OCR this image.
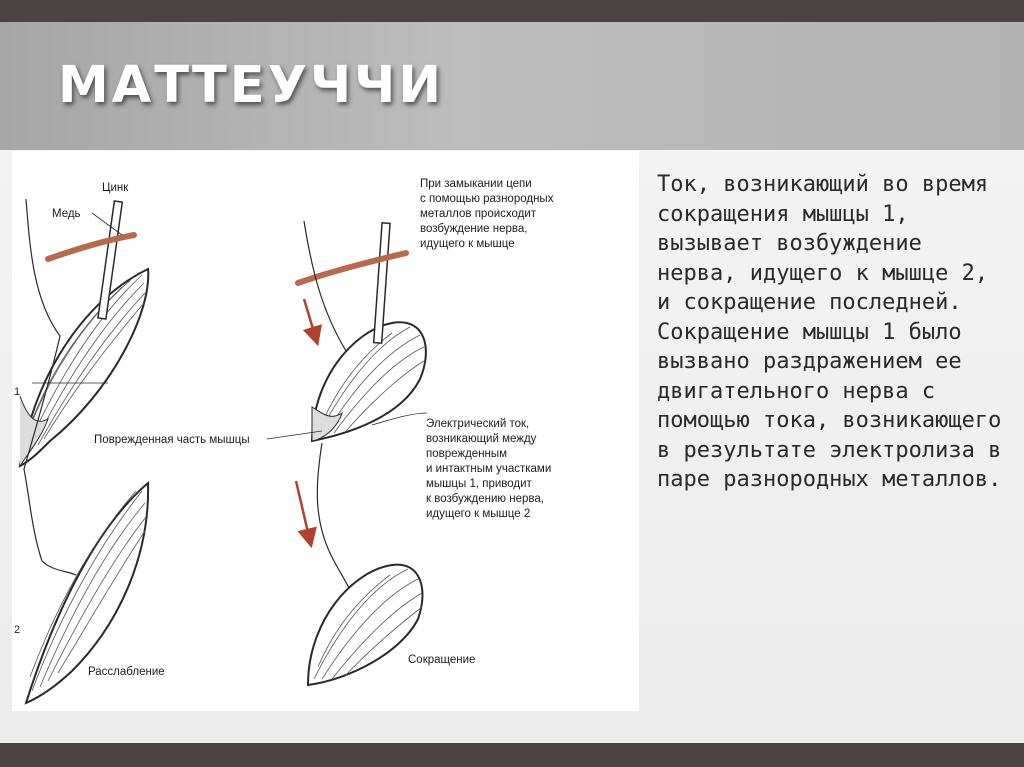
МАТТЕУЧЧИ
Цинк
Медь
Поврежденная часть мышцы
Расслабление
Сокращение
1
2
При замыкании цепи
с помощью разнородных
металлов происходит
возбуждение нерва,
идущего к мышце
Электрический ток,
возникающий между
поврежденным
и интактным участками
мышцы 1, приводит
к возбуждению нерва,
идущего к мышце 2

Ток, возникающий во время сокращения мышцы 1, вызывает возбуждение нерва, идущего к мышце 2, и сокращение последней. Сокращение мышцы 1 было вызвано раздражением ее двигательного нерва с помощью тока, возникающего в результате электролиза в паре разнородных металлов.
